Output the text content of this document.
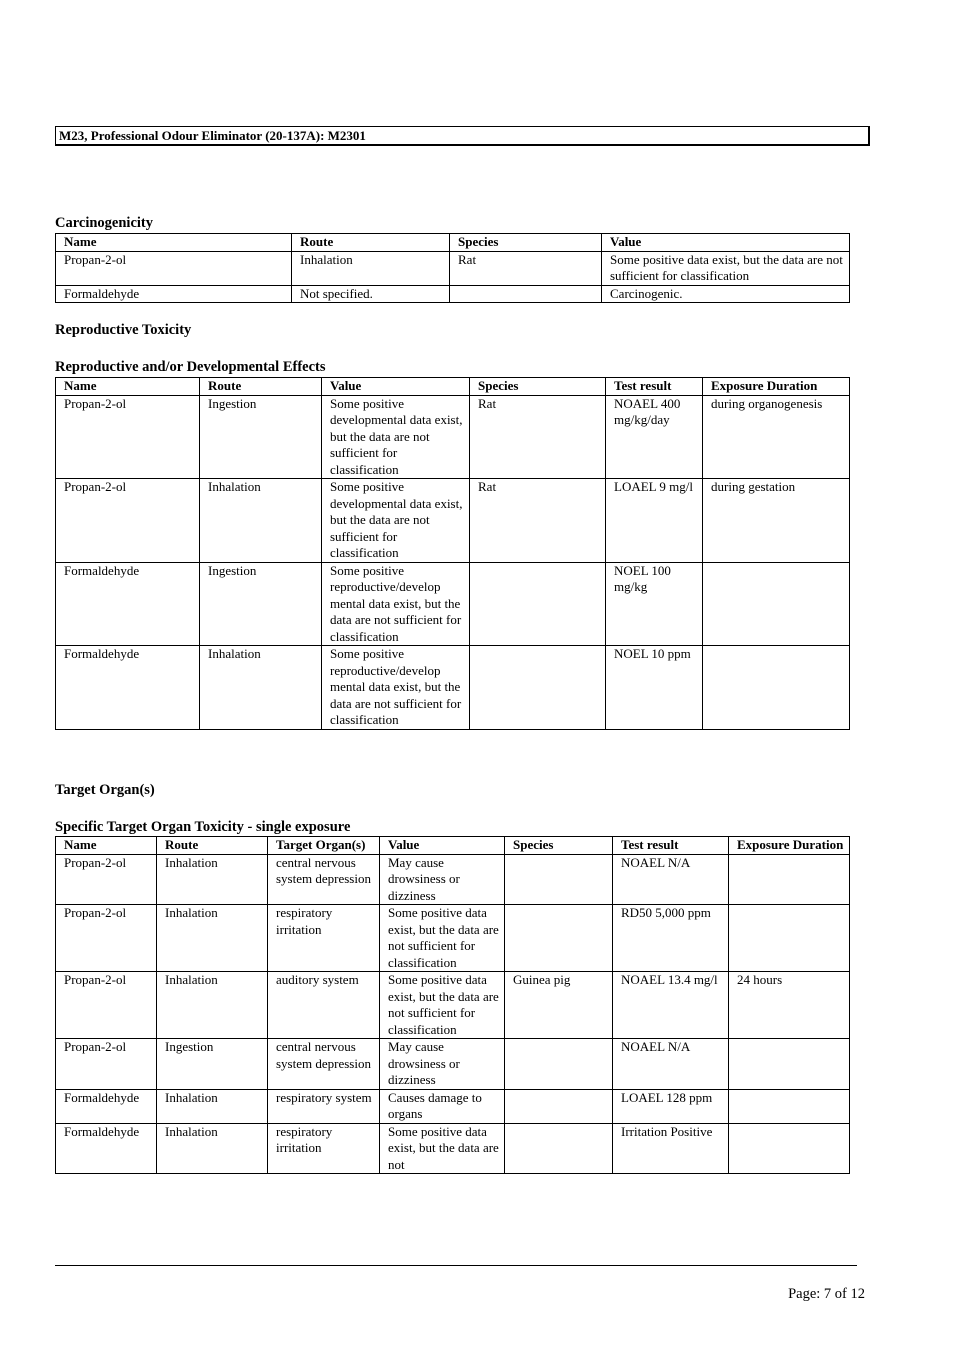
M23, Professional Odour Eliminator (20-137A): M2301
Carcinogenicity
Name	Route	Species	Value
Propan-2-ol	Inhalation	Rat	Some positive data exist, but the data are not sufficient for classification
Formaldehyde	Not specified.		Carcinogenic.
Reproductive Toxicity
Reproductive and/or Developmental Effects
Name	Route	Value	Species	Test result	Exposure Duration
Propan-2-ol	Ingestion	Some positive developmental data exist, but the data are not sufficient for classification	Rat	NOAEL 400 mg/kg/day	during organogenesis
Propan-2-ol	Inhalation	Some positive developmental data exist, but the data are not sufficient for classification	Rat	LOAEL 9 mg/l	during gestation
Formaldehyde	Ingestion	Some positive reproductive/develop mental data exist, but the data are not sufficient for classification		NOEL 100 mg/kg	
Formaldehyde	Inhalation	Some positive reproductive/develop mental data exist, but the data are not sufficient for classification		NOEL 10 ppm	
Target Organ(s)
Specific Target Organ Toxicity - single exposure
Name	Route	Target Organ(s)	Value	Species	Test result	Exposure Duration
Propan-2-ol	Inhalation	central nervous system depression	May cause drowsiness or dizziness		NOAEL N/A	
Propan-2-ol	Inhalation	respiratory irritation	Some positive data exist, but the data are not sufficient for classification		RD50 5,000 ppm	
Propan-2-ol	Inhalation	auditory system	Some positive data exist, but the data are not sufficient for classification	Guinea pig	NOAEL 13.4 mg/l	24 hours
Propan-2-ol	Ingestion	central nervous system depression	May cause drowsiness or dizziness		NOAEL N/A	
Formaldehyde	Inhalation	respiratory system	Causes damage to organs		LOAEL 128 ppm	
Formaldehyde	Inhalation	respiratory irritation	Some positive data exist, but the data are not		Irritation Positive	
Page: 7 of 12
